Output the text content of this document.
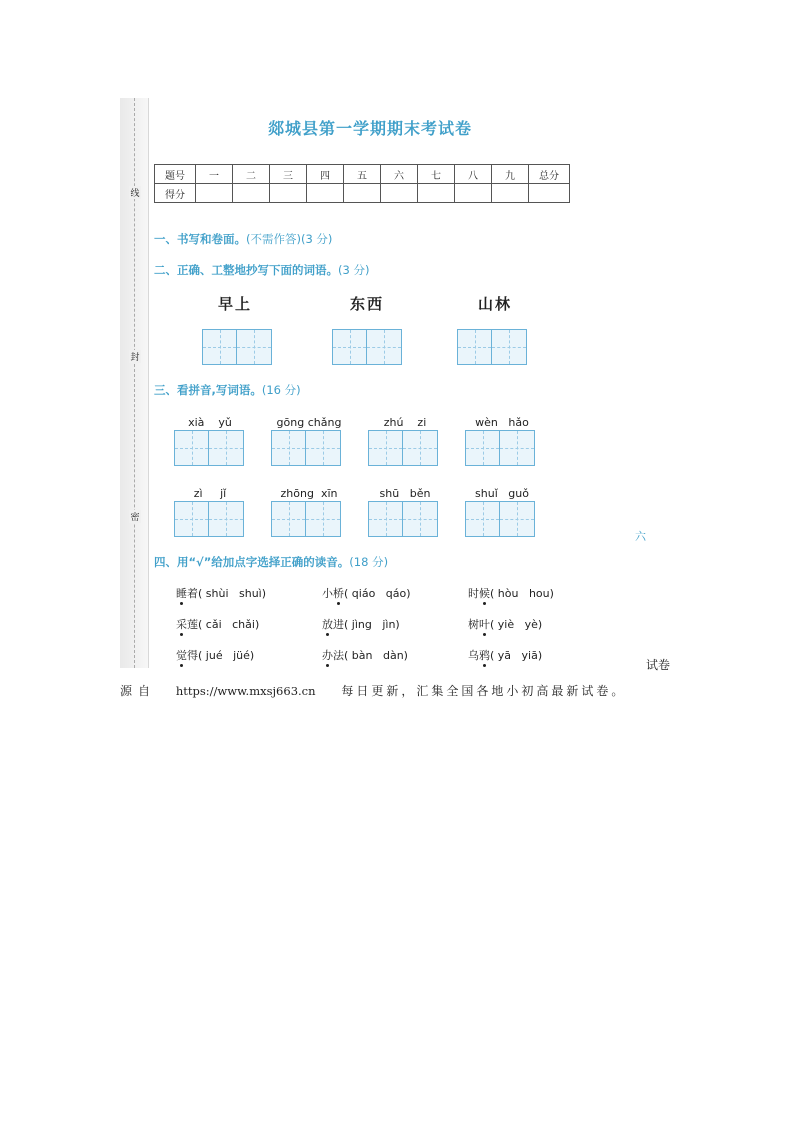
线
封
密
郯城县第一学期期末考试卷
题号	一	二	三	四	五	六	七	八	九	总分
得分										
一、书写和卷面。(不需作答)(3 分)
二、正确、工整地抄写下面的词语。(3 分)
早上	东西	山林
三、看拼音,写词语。(16 分)
xià    yǔ	gōng chǎng	zhú    zi	wèn   hǎo
zì     jǐ	zhōng  xīn	shū   běn	shuǐ   guǒ
六
四、用“√”给加点字选择正确的读音。(18 分)
睡着( shùi   shuì)	小桥( qiáo   qáo)	时候( hòu   hou)
采莲( cǎi   chǎi)	放进( jìng   jìn)	树叶( yiè   yè)
觉得( jué   jüé)	办法( bàn   dàn)	乌鸦( yā   yiā)
试卷
源自 https://www.mxsj663.cn 每日更新，汇集全国各地小初高最新试卷。
